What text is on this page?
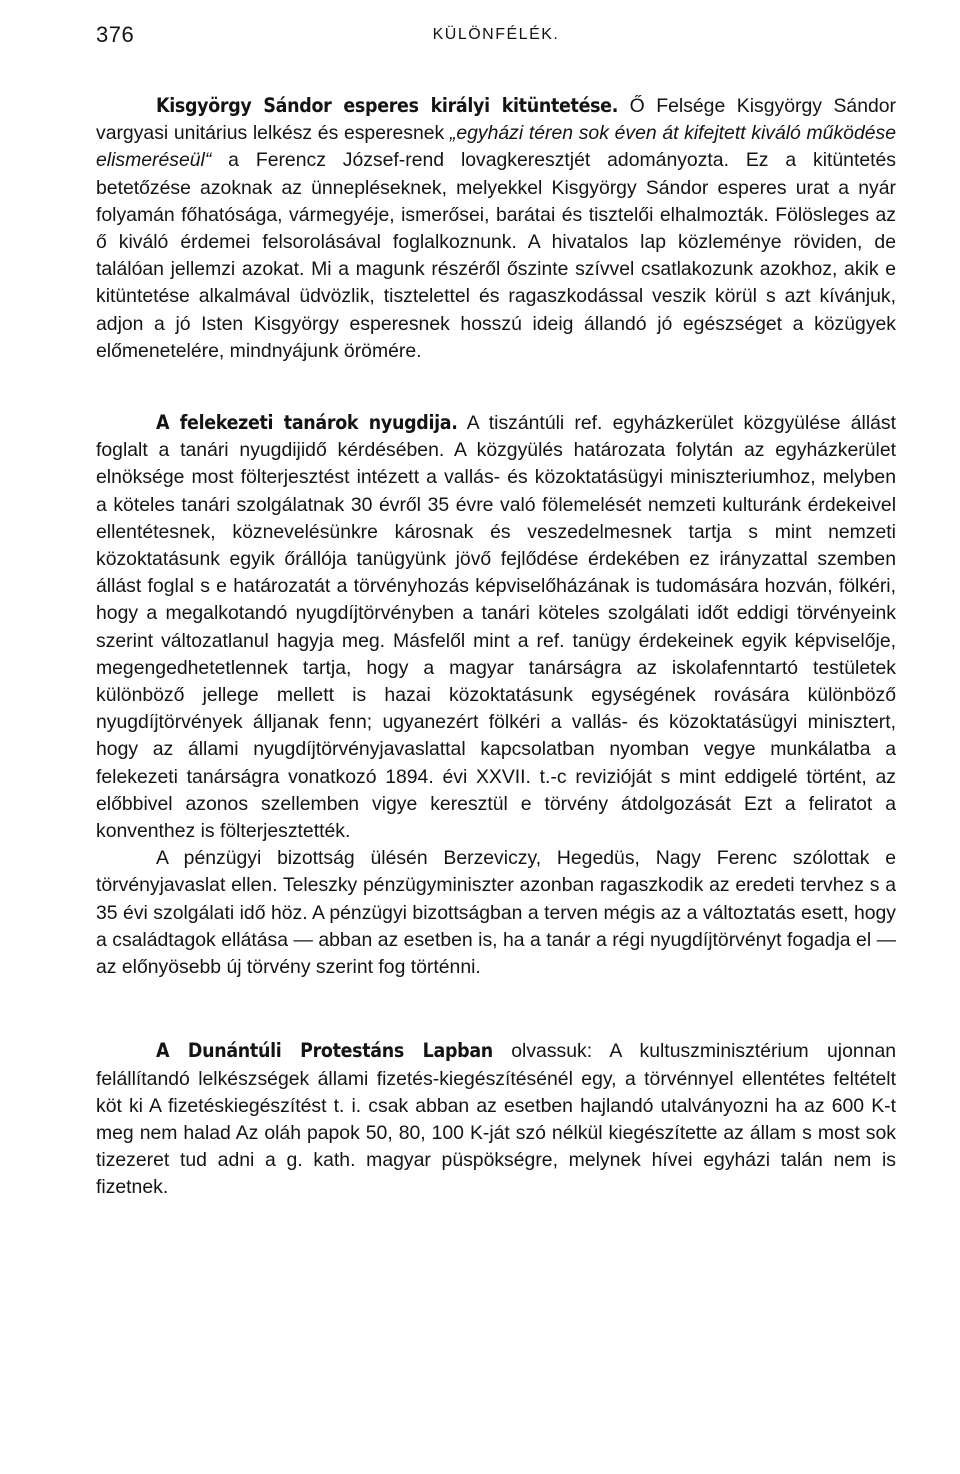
376	KÜLÖNFÉLÉK.

Kisgyörgy Sándor esperes királyi kitüntetése. Ő Felsége Kisgyörgy Sándor vargyasi unitárius lelkész és esperesnek „egyházi téren sok éven át kifejtett kiváló működése elismeréseül“ a Ferencz József-rend lovagkeresztjét adományozta. Ez a kitüntetés betetőzése azoknak az ünnepléseknek, melyekkel Kisgyörgy Sándor esperes urat a nyár folyamán főhatósága, vármegyéje, ismerősei, barátai és tisztelői elhalmozták. Fölösleges az ő kiváló érdemei felsorolásával foglalkoznunk. A hivatalos lap közleménye röviden, de találóan jellemzi azokat. Mi a magunk részéről őszinte szívvel csatlakozunk azokhoz, akik e kitüntetése alkalmával üdvözlik, tisztelettel és ragaszkodással veszik körül s azt kívánjuk, adjon a jó Isten Kisgyörgy esperesnek hosszú ideig állandó jó egészséget a közügyek előmenetelére, mindnyájunk örömére.

A felekezeti tanárok nyugdija. A tiszántúli ref. egyházkerület közgyülése állást foglalt a tanári nyugdijidő kérdésében. A közgyülés határozata folytán az egyházkerület elnöksége most fölterjesztést intézett a vallás- és közoktatásügyi miniszteriumhoz, melyben a köteles tanári szolgálatnak 30 évről 35 évre való fölemelését nemzeti kulturánk érdekeivel ellentétesnek, köznevelésünkre károsnak és veszedelmesnek tartja s mint nemzeti közoktatásunk egyik őrállója tanügyünk jövő fejlődése érdekében ez irányzattal szemben állást foglal s e határozatát a törvényhozás képviselőházának is tudomására hozván, fölkéri, hogy a megalkotandó nyugdíjtörvényben a tanári köteles szolgálati időt eddigi törvényeink szerint változatlanul hagyja meg. Másfelől mint a ref. tanügy érdekeinek egyik képviselője, megengedhetetlennek tartja, hogy a magyar tanárságra az iskolafenntartó testületek különböző jellege mellett is hazai közoktatásunk egységének rovására különböző nyugdíjtörvények álljanak fenn; ugyanezért fölkéri a vallás- és közoktatásügyi minisztert, hogy az állami nyugdíjtörvényjavaslattal kapcsolatban nyomban vegye munkálatba a felekezeti tanárságra vonatkozó 1894. évi XXVII. t.-c revizióját s mint eddigelé történt, az előbbivel azonos szellemben vigye keresztül e törvény átdolgozását Ezt a feliratot a konventhez is fölterjesztették.

A pénzügyi bizottság ülésén Berzeviczy, Hegedüs, Nagy Ferenc szólottak e törvényjavaslat ellen. Teleszky pénzügyminiszter azonban ragaszkodik az eredeti tervhez s a 35 évi szolgálati idő höz. A pénzügyi bizottságban a terven mégis az a változtatás esett, hogy a családtagok ellátása — abban az esetben is, ha a tanár a régi nyugdíjtörvényt fogadja el — az előnyösebb új törvény szerint fog történni.

A Dunántúli Protestáns Lapban olvassuk: A kultuszminisztérium ujonnan felállítandó lelkészségek állami fizetés-kiegészítésénél egy, a törvénnyel ellentétes feltételt köt ki A fizetéskiegészítést t. i. csak abban az esetben hajlandó utalványozni ha az 600 K-t meg nem halad Az oláh papok 50, 80, 100 K-ját szó nélkül kiegészítette az állam s most sok tizezeret tud adni a g. kath. magyar püspökségre, melynek hívei egyházi talán nem is fizetnek.
